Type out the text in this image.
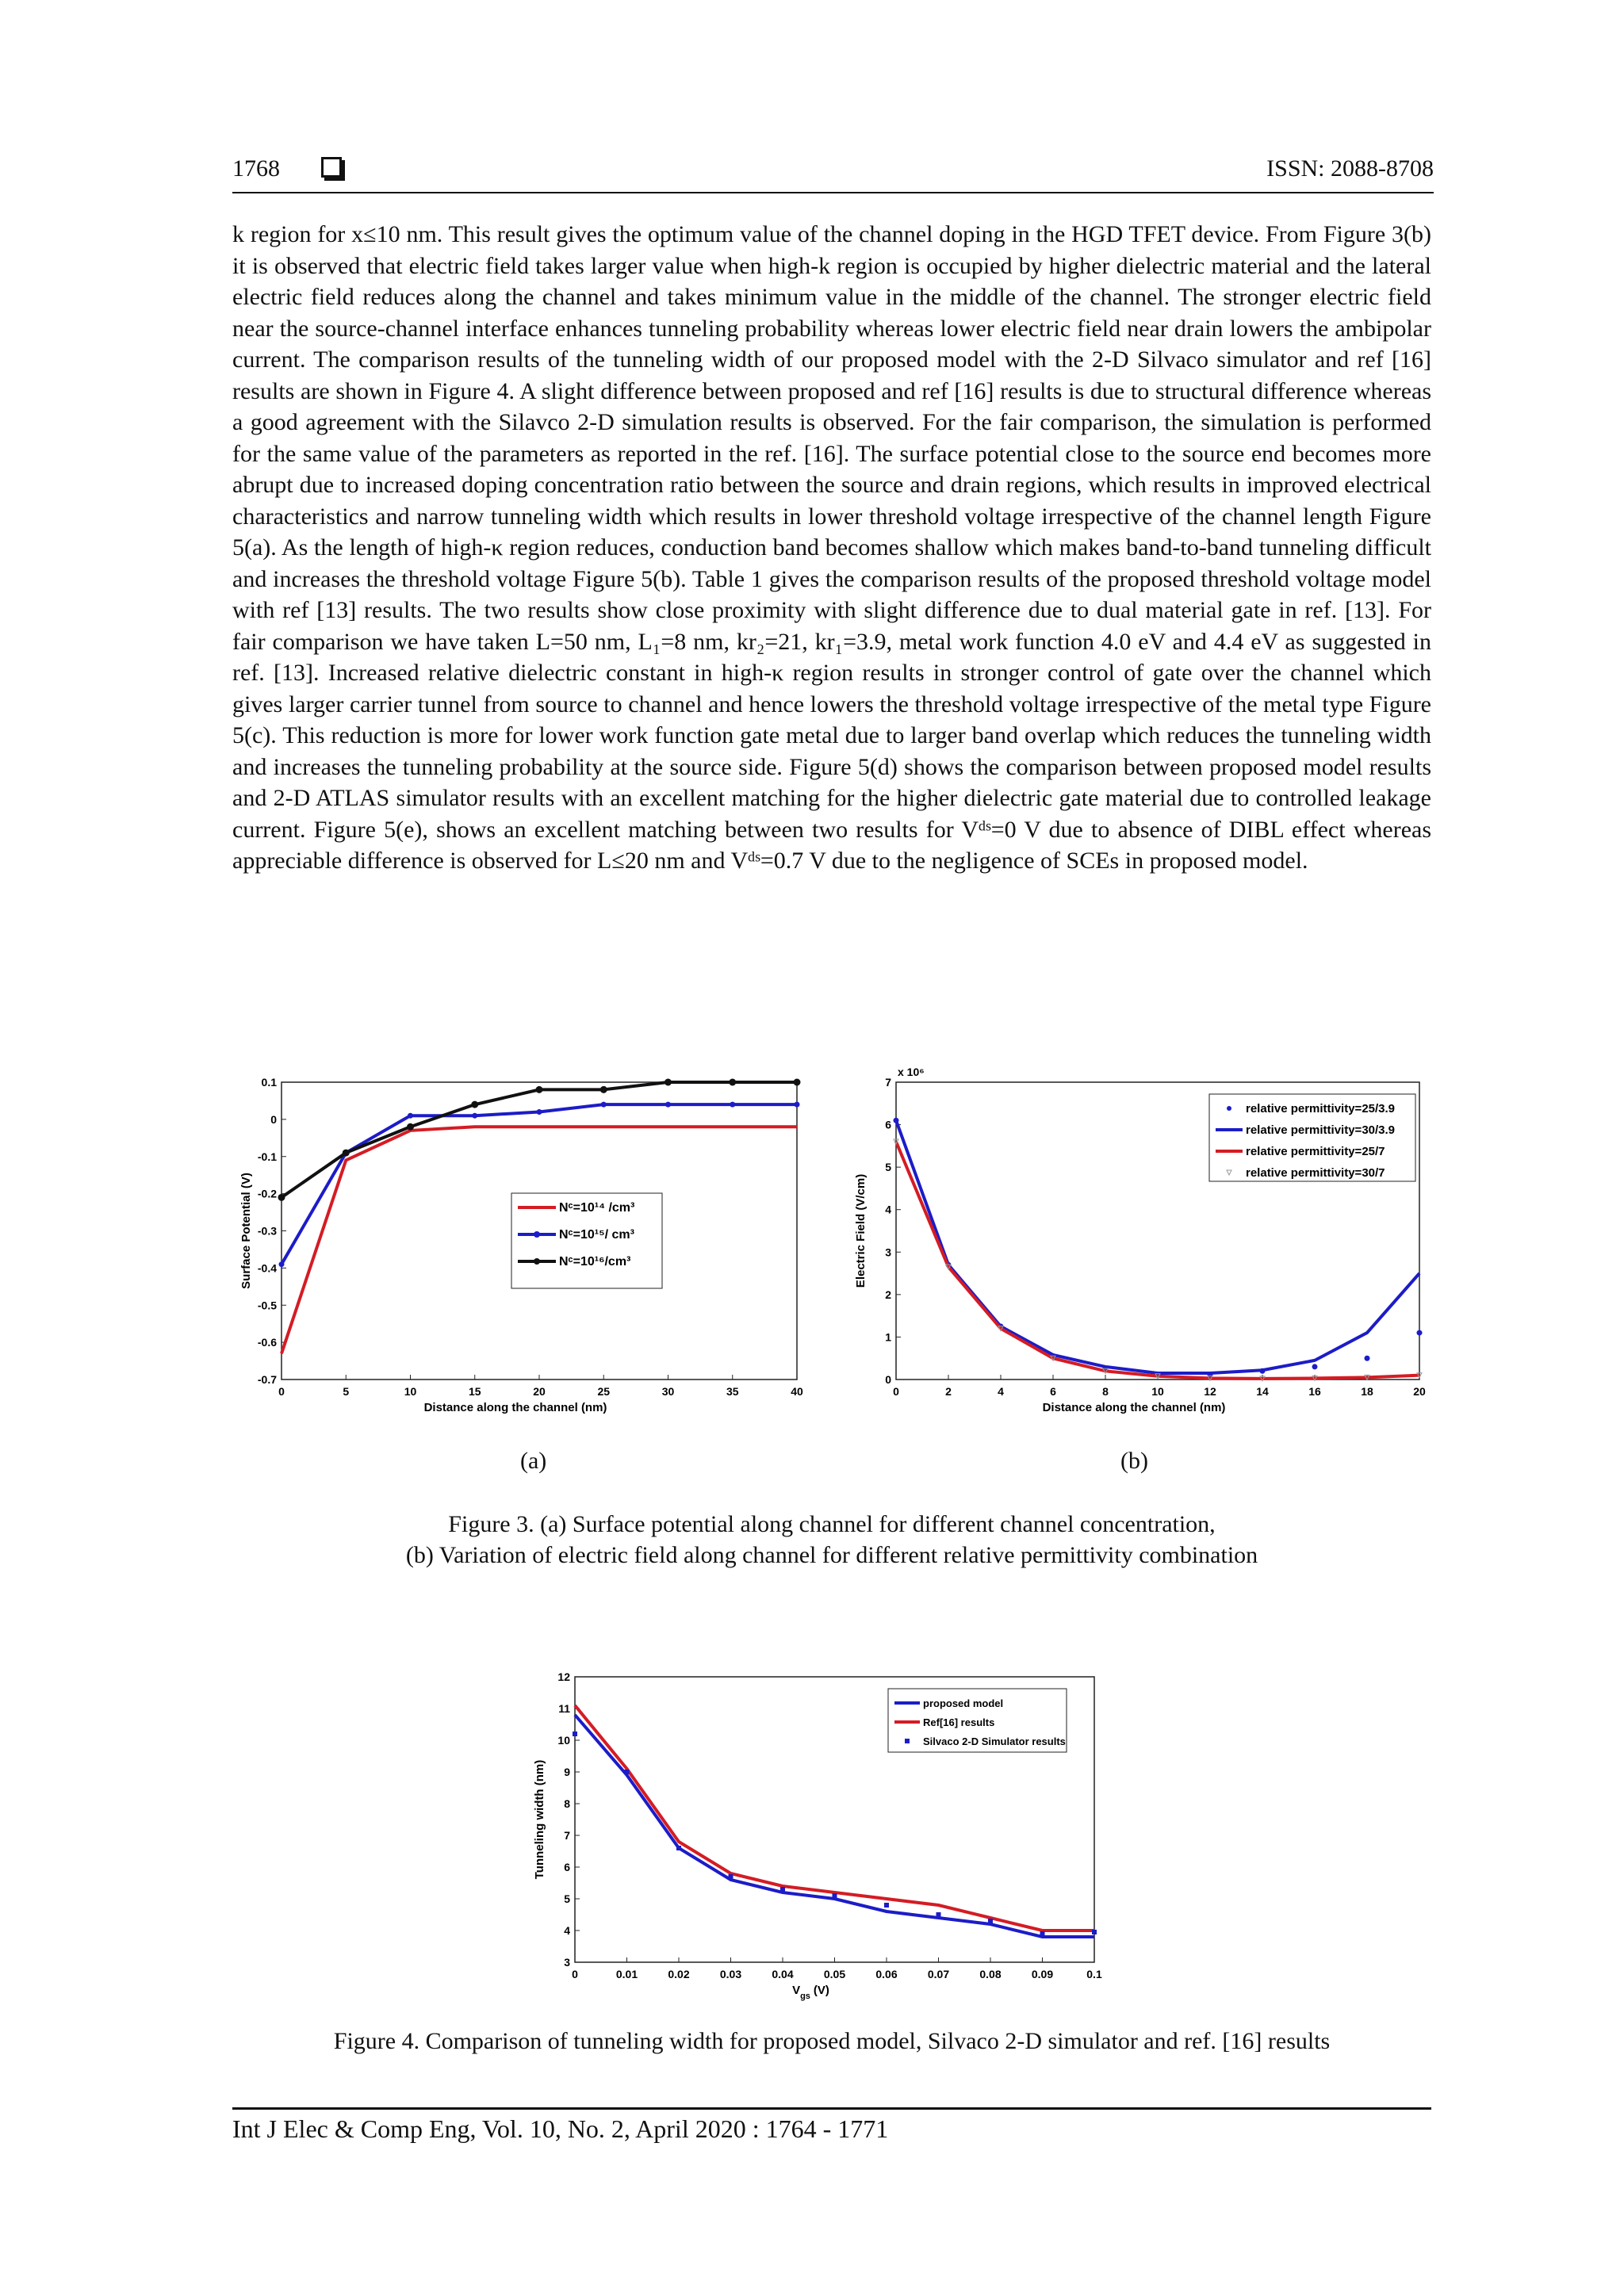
1768	ISSN: 2088-8708
k region for x≤10 nm. This result gives the optimum value of the channel doping in the HGD TFET device. From Figure 3(b) it is observed that electric field takes larger value when high-k region is occupied by higher dielectric material and the lateral electric field reduces along the channel and takes minimum value in the middle of the channel. The stronger electric field near the source-channel interface enhances tunneling probability whereas lower electric field near drain lowers the ambipolar current. The comparison results of the tunneling width of our proposed model with the 2-D Silvaco simulator and ref [16] results are shown in Figure 4. A slight difference between proposed and ref [16] results is due to structural difference whereas a good agreement with the Silavco 2-D simulation results is observed. For the fair comparison, the simulation is performed for the same value of the parameters as reported in the ref. [16]. The surface potential close to the source end becomes more abrupt due to increased doping concentration ratio between the source and drain regions, which results in improved electrical characteristics and narrow tunneling width which results in lower threshold voltage irrespective of the channel length Figure 5(a). As the length of high-κ region reduces, conduction band becomes shallow which makes band-to-band tunneling difficult and increases the threshold voltage Figure 5(b). Table 1 gives the comparison results of the proposed threshold voltage model with ref [13] results. The two results show close proximity with slight difference due to dual material gate in ref. [13]. For fair comparison we have taken L=50 nm, L₁=8 nm, kr₂=21, kr₁=3.9, metal work function 4.0 eV and 4.4 eV as suggested in ref. [13]. Increased relative dielectric constant in high-κ region results in stronger control of gate over the channel which gives larger carrier tunnel from source to channel and hence lowers the threshold voltage irrespective of the metal type Figure 5(c). This reduction is more for lower work function gate metal due to larger band overlap which reduces the tunneling width and increases the tunneling probability at the source side. Figure 5(d) shows the comparison between proposed model results and 2-D ATLAS simulator results with an excellent matching for the higher dielectric gate material due to controlled leakage current. Figure 5(e), shows an excellent matching between two results for Vᵈˢ=0 V due to absence of DIBL effect whereas appreciable difference is observed for L≤20 nm and Vᵈˢ=0.7 V due to the negligence of SCEs in proposed model.
0	5	10	15	20	25	30	35	40
-0.7
-0.6
-0.5
-0.4
-0.3
-0.2
-0.1
0
0.1
Distance along the channel (nm)
Surface Potential (V)	Nᶜ=10¹⁴ /cm³
Nᶜ=10¹⁵/ cm³
Nᶜ=10¹⁶/cm³
0	2	4	6	8	10	12	14	16	18	20
0
1
2
3
4
5
6
7
Distance along the channel (nm)
Electric Field (V/cm)
x 10⁶
relative permittivity=25/3.9
relative permittivity=30/3.9
relative permittivity=25/7
relative permittivity=30/7
(a)	(b)
Figure 3. (a) Surface potential along channel for different channel concentration,
(b) Variation of electric field along channel for different relative permittivity combination
0	0.01	0.02	0.03	0.04	0.05	0.06	0.07	0.08	0.09	0.1
3
4
5
6
7
8
9
10
11
12
$V_{gs}$ (V)
Tunneling width (nm)
proposed model
Ref[16] results
Silvaco 2-D Simulator results
Figure 4. Comparison of tunneling width for proposed model, Silvaco 2-D simulator and ref. [16] results
Int J Elec & Comp Eng, Vol. 10, No. 2, April 2020 : 1764 - 1771
